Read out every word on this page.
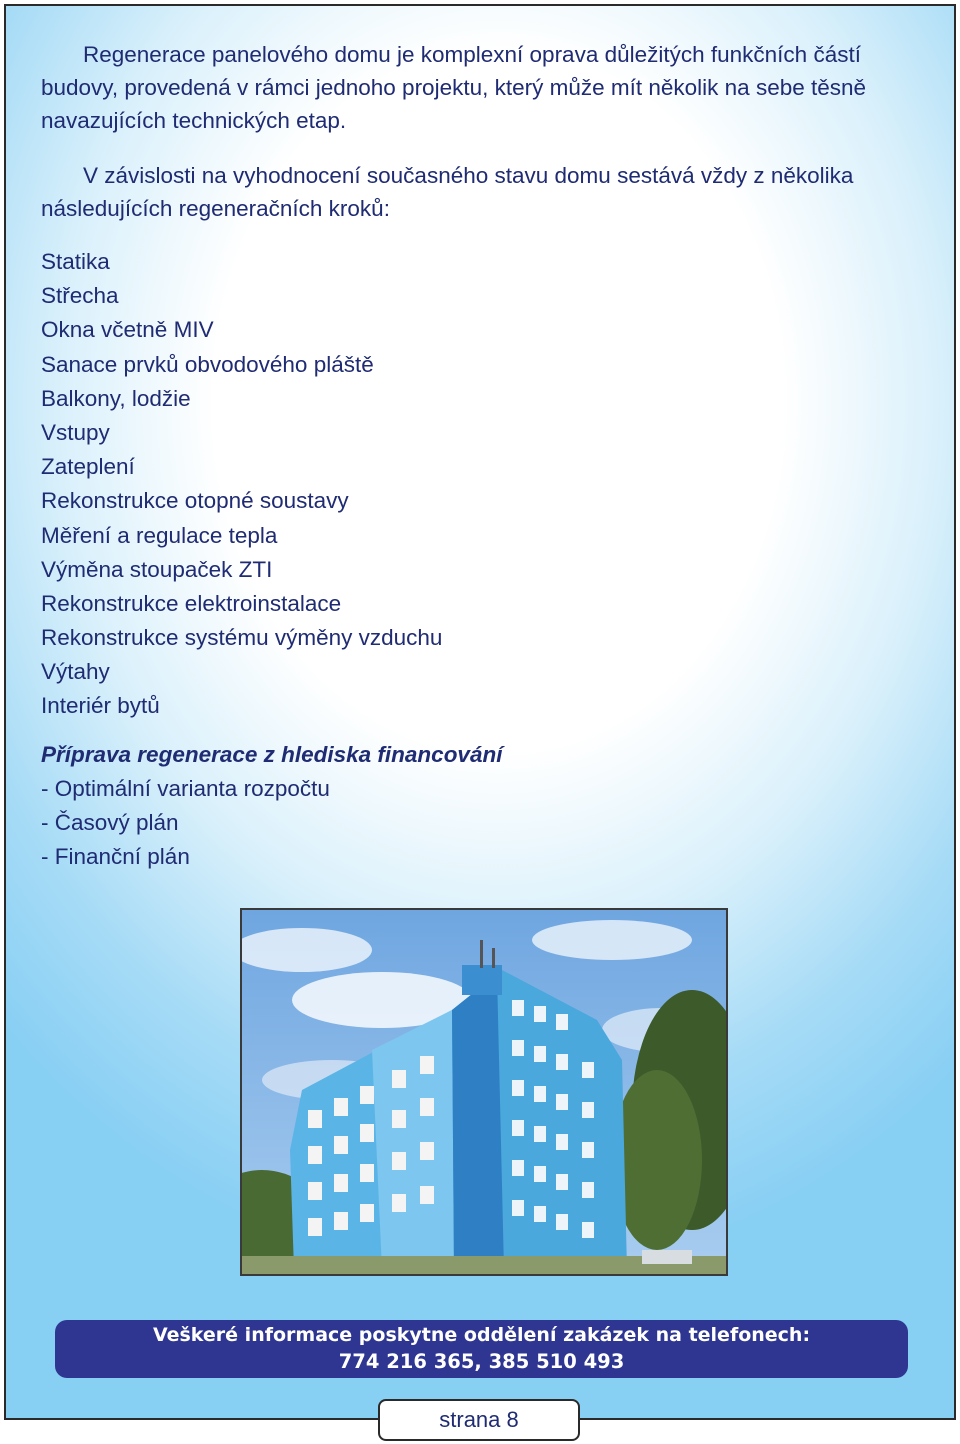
Regenerace panelového domu je komplexní oprava důležitých funkčních částí budovy, provedená v rámci jednoho projektu, který může mít několik na sebe těsně navazujících technických etap.

V závislosti na vyhodnocení současného stavu domu sestává vždy z několika následujících regeneračních kroků:

Statika
Střecha
Okna včetně MIV
Sanace prvků obvodového pláště
Balkony, lodžie
Vstupy
Zateplení
Rekonstrukce otopné soustavy
Měření a regulace tepla
Výměna stoupaček ZTI
Rekonstrukce elektroinstalace
Rekonstrukce systému výměny vzduchu
Výtahy
Interiér bytů

Příprava regenerace z hlediska financování

- Optimální varianta rozpočtu
- Časový plán
- Finanční plán
Veškeré informace poskytne oddělení zakázek na telefonech:
774 216 365, 385 510 493
strana 8
